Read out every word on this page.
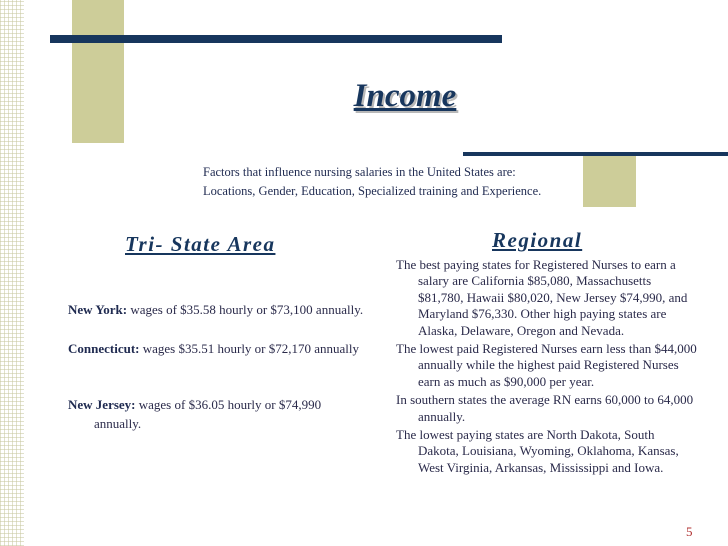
Income
Factors that influence nursing salaries in the United States are:
Locations, Gender, Education, Specialized training and Experience.
Tri- State Area
New York: wages of $35.58 hourly or $73,100 annually.
Connecticut: wages $35.51 hourly or $72,170 annually
New Jersey: wages of $36.05 hourly or $74,990 annually.
Regional
The best paying states for Registered Nurses to earn a salary are California $85,080, Massachusetts $81,780, Hawaii $80,020, New Jersey $74,990, and Maryland $76,330. Other high paying states are Alaska, Delaware, Oregon and Nevada.
The lowest paid Registered Nurses earn less than $44,000 annually while the highest paid Registered Nurses earn as much as $90,000 per year.
In southern states the average RN earns 60,000 to 64,000 annually.
The lowest paying states are North Dakota, South Dakota, Louisiana, Wyoming, Oklahoma, Kansas, West Virginia, Arkansas, Mississippi and Iowa.
5
